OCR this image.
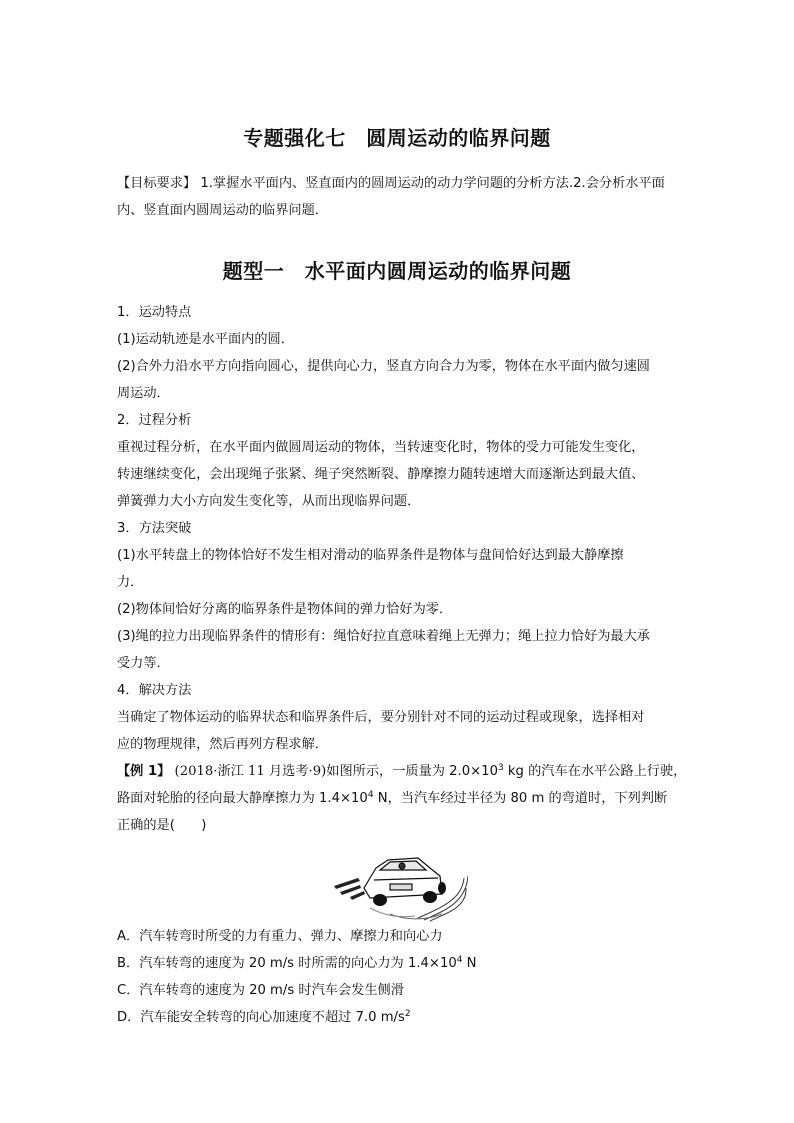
专题强化七　圆周运动的临界问题
【目标要求】 1.掌握水平面内、竖直面内的圆周运动的动力学问题的分析方法.2.会分析水平面
内、竖直面内圆周运动的临界问题．
题型一　水平面内圆周运动的临界问题
1．运动特点
(1)运动轨迹是水平面内的圆．
(2)合外力沿水平方向指向圆心，提供向心力，竖直方向合力为零，物体在水平面内做匀速圆
周运动．
2．过程分析
重视过程分析，在水平面内做圆周运动的物体，当转速变化时，物体的受力可能发生变化，
转速继续变化，会出现绳子张紧、绳子突然断裂、静摩擦力随转速增大而逐渐达到最大值、
弹簧弹力大小方向发生变化等，从而出现临界问题．
3．方法突破
(1)水平转盘上的物体恰好不发生相对滑动的临界条件是物体与盘间恰好达到最大静摩擦
力．
(2)物体间恰好分离的临界条件是物体间的弹力恰好为零．
(3)绳的拉力出现临界条件的情形有：绳恰好拉直意味着绳上无弹力；绳上拉力恰好为最大承
受力等．
4．解决方法
当确定了物体运动的临界状态和临界条件后，要分别针对不同的运动过程或现象，选择相对
应的物理规律，然后再列方程求解．
【例 1】 (2018·浙江 11 月选考·9)如图所示，一质量为 $2.0\times 10^3$ kg 的汽车在水平公路上行驶，
路面对轮胎的径向最大静摩擦力为 $1.4\times 10^4$ N，当汽车经过半径为 80 m 的弯道时，下列判断
正确的是(　　)
A．汽车转弯时所受的力有重力、弹力、摩擦力和向心力
B．汽车转弯的速度为 20 m/s 时所需的向心力为 $1.4\times 10^4$ N
C．汽车转弯的速度为 20 m/s 时汽车会发生侧滑
D．汽车能安全转弯的向心加速度不超过 7.0 $m/s^2$
